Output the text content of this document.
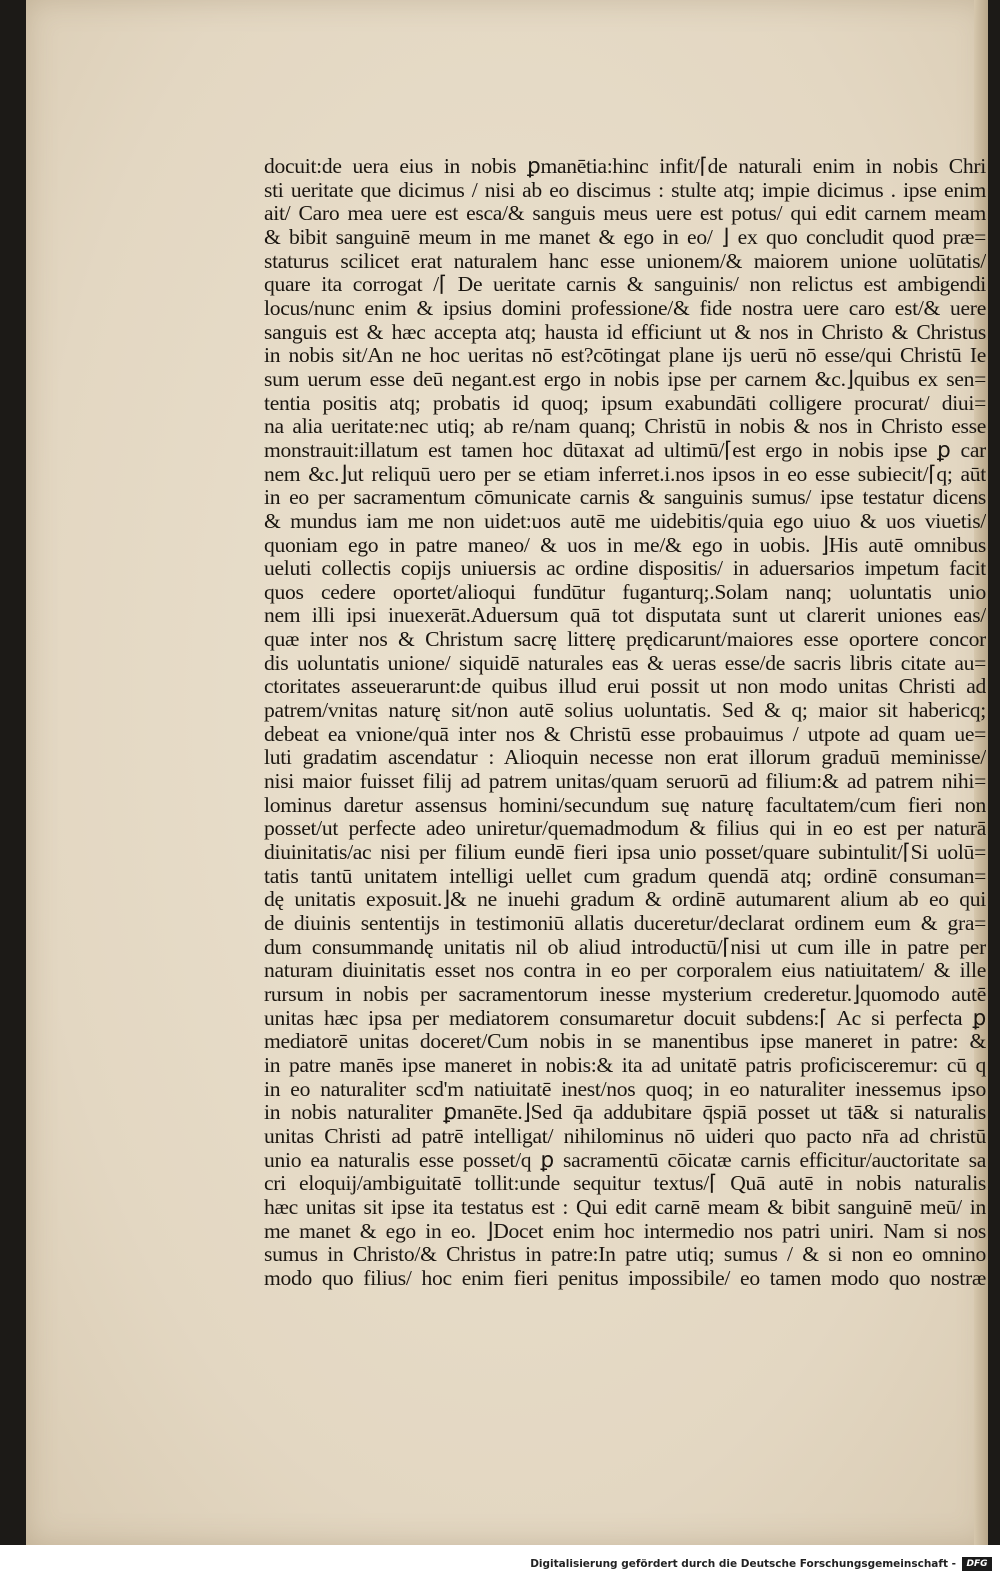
docuit:de uera eius in nobis ꝑmanētia:hinc infit/⌈de naturali enim in nobis Chri
sti ueritate que dicimus / nisi ab eo discimus : stulte atq; impie dicimus . ipse enim
ait/ Caro mea uere est esca/& sanguis meus uere est potus/ qui edit carnem meam
& bibit sanguinē meum in me manet & ego in eo/ ⌋ ex quo concludit quod præ=
staturus scilicet erat naturalem hanc esse unionem/& maiorem unione uolūtatis/
quare ita corrogat /⌈ De ueritate carnis & sanguinis/ non relictus est ambigendi
locus/nunc enim & ipsius domini professione/& fide nostra uere caro est/& uere
sanguis est & hæc accepta atq; hausta id efficiunt ut & nos in Christo & Christus
in nobis sit/An ne hoc ueritas nō est?cōtingat plane ijs uerū nō esse/qui Christū Ie
sum uerum esse deū negant.est ergo in nobis ipse per carnem &c.⌋quibus ex sen=
tentia positis atq; probatis id quoq; ipsum exabundāti colligere procurat/ diui=
na alia ueritate:nec utiq; ab re/nam quanq; Christū in nobis & nos in Christo esse
monstrauit:illatum est tamen hoc dūtaxat ad ultimū/⌈est ergo in nobis ipse ꝑ car
nem &c.⌋ut reliquū uero per se etiam inferret.i.nos ipsos in eo esse subiecit/⌈q; aūt
in eo per sacramentum cōmunicate carnis & sanguinis sumus/ ipse testatur dicens
& mundus iam me non uidet:uos autē me uidebitis/quia ego uiuo & uos viuetis/
quoniam ego in patre maneo/ & uos in me/& ego in uobis. ⌋His autē omnibus
ueluti collectis copijs uniuersis ac ordine dispositis/ in aduersarios impetum facit
quos cedere oportet/alioqui fundūtur fuganturq;.Solam nanq; uoluntatis unio
nem illi ipsi inuexerāt.Aduersum quā tot disputata sunt ut clarerit uniones eas/
quæ inter nos & Christum sacrę litterę prędicarunt/maiores esse oportere concor
dis uoluntatis unione/ siquidē naturales eas & ueras esse/de sacris libris citate au=
ctoritates asseuerarunt:de quibus illud erui possit ut non modo unitas Christi ad
patrem/vnitas naturę sit/non autē solius uoluntatis. Sed & q; maior sit habericq;
debeat ea vnione/quā inter nos & Christū esse probauimus / utpote ad quam ue=
luti gradatim ascendatur : Alioquin necesse non erat illorum graduū meminisse/
nisi maior fuisset filij ad patrem unitas/quam seruorū ad filium:& ad patrem nihi=
lominus daretur assensus homini/secundum suę naturę facultatem/cum fieri non
posset/ut perfecte adeo uniretur/quemadmodum & filius qui in eo est per naturā
diuinitatis/ac nisi per filium eundē fieri ipsa unio posset/quare subintulit/⌈Si uolū=
tatis tantū unitatem intelligi uellet cum gradum quendā atq; ordinē consuman=
dę unitatis exposuit.⌋& ne inuehi gradum & ordinē autumarent alium ab eo qui
de diuinis sententijs in testimoniū allatis duceretur/declarat ordinem eum & gra=
dum consummandę unitatis nil ob aliud introductū/⌈nisi ut cum ille in patre per
naturam diuinitatis esset nos contra in eo per corporalem eius natiuitatem/ & ille
rursum in nobis per sacramentorum inesse mysterium crederetur.⌋quomodo autē
unitas hæc ipsa per mediatorem consumaretur docuit subdens:⌈ Ac si perfecta ꝑ
mediatorē unitas doceret/Cum nobis in se manentibus ipse maneret in patre: &
in patre manēs ipse maneret in nobis:& ita ad unitatē patris proficisceremur: cū q
in eo naturaliter scd'm natiuitatē inest/nos quoq; in eo naturaliter inessemus ipso
in nobis naturaliter ꝑmanēte.⌋Sed q̄a addubitare q̄spiā posset ut tā& si naturalis
unitas Christi ad patrē intelligat/ nihilominus nō uideri quo pacto nr̄a ad christū
unio ea naturalis esse posset/q ꝑ sacramentū cōicatæ carnis efficitur/auctoritate sa
cri eloquij/ambiguitatē tollit:unde sequitur textus/⌈ Quā autē in nobis naturalis
hæc unitas sit ipse ita testatus est : Qui edit carnē meam & bibit sanguinē meū/ in
me manet & ego in eo. ⌋Docet enim hoc intermedio nos patri uniri. Nam si nos
sumus in Christo/& Christus in patre:In patre utiq; sumus / & si non eo omnino
modo quo filius/ hoc enim fieri penitus impossibile/ eo tamen modo quo nostræ
Digitalisierung gefördert durch die Deutsche Forschungsgemeinschaft -	DFG
